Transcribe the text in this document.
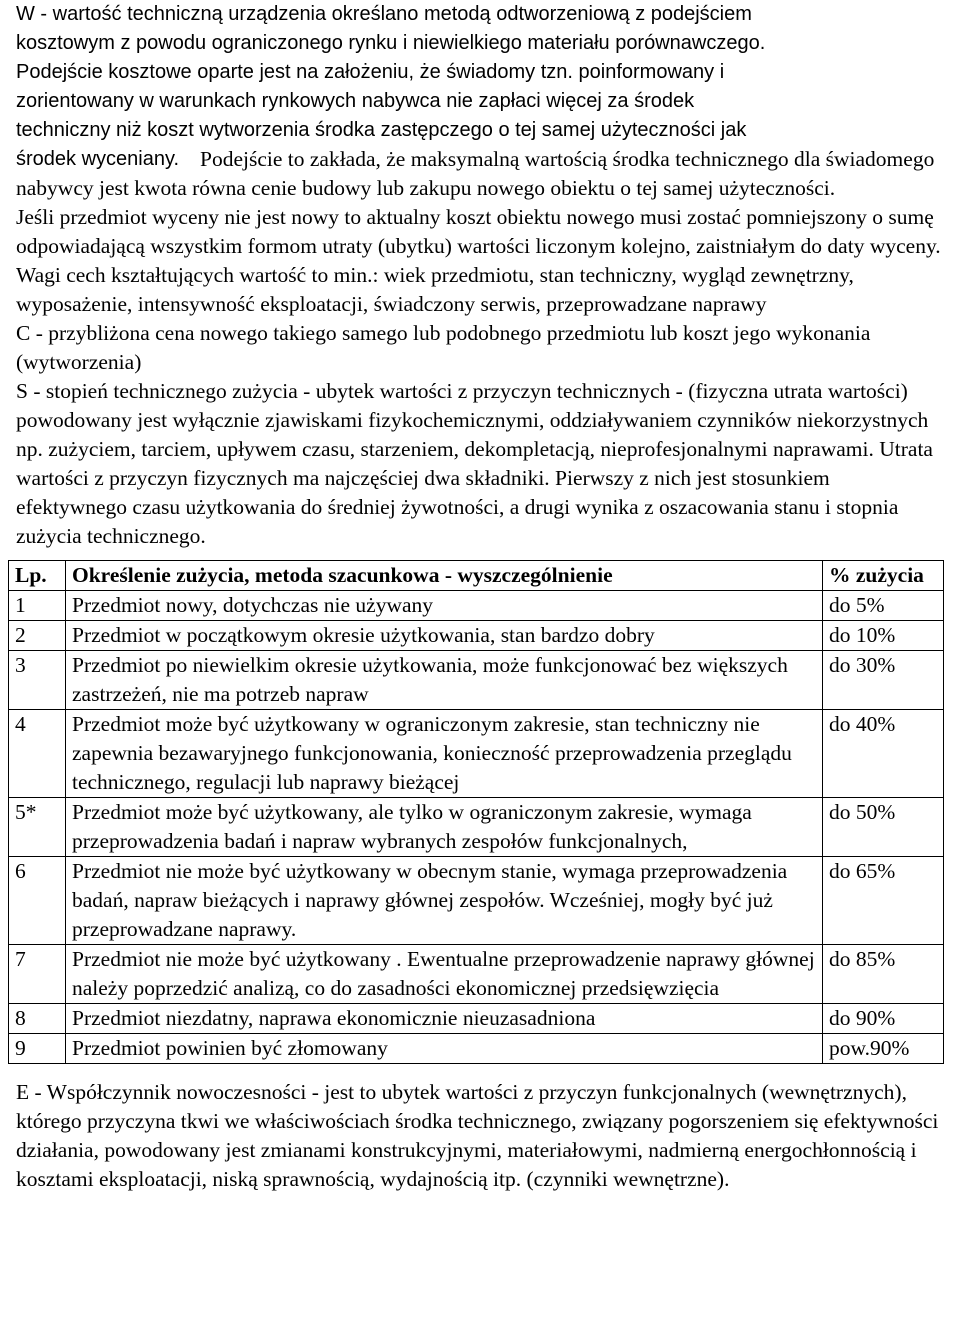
W - wartość techniczną urządzenia określano metodą odtworzeniową z podejściem
kosztowym z powodu ograniczonego rynku i niewielkiego materiału porównawczego.
Podejście kosztowe oparte jest na założeniu, że świadomy tzn. poinformowany i
zorientowany w warunkach rynkowych nabywca nie zapłaci więcej za środek
techniczny niż koszt wytworzenia środka zastępczego o tej samej użyteczności jak
środek wyceniany. Podejście to zakłada, że maksymalną wartością środka technicznego dla świadomego nabywcy jest kwota równa cenie budowy lub zakupu nowego obiektu o tej samej użyteczności.

Jeśli przedmiot wyceny nie jest nowy to aktualny koszt obiektu nowego musi zostać pomniejszony o sumę odpowiadającą wszystkim formom utraty (ubytku) wartości liczonym kolejno, zaistniałym do daty wyceny. Wagi cech kształtujących wartość to min.: wiek przedmiotu, stan techniczny, wygląd zewnętrzny, wyposażenie, intensywność eksploatacji, świadczony serwis, przeprowadzane naprawy

C - przybliżona cena nowego takiego samego lub podobnego przedmiotu lub koszt jego wykonania (wytworzenia)

S - stopień technicznego zużycia - ubytek wartości z przyczyn technicznych - (fizyczna utrata wartości) powodowany jest wyłącznie zjawiskami fizykochemicznymi, oddziaływaniem czynników niekorzystnych np. zużyciem, tarciem, upływem czasu, starzeniem, dekompletacją, nieprofesjonalnymi naprawami. Utrata wartości z przyczyn fizycznych ma najczęściej dwa składniki. Pierwszy z nich jest stosunkiem efektywnego czasu użytkowania do średniej żywotności, a drugi wynika z oszacowania stanu i stopnia zużycia technicznego.

Lp.	Określenie zużycia, metoda szacunkowa - wyszczególnienie	% zużycia
1	Przedmiot nowy, dotychczas nie używany	do 5%
2	Przedmiot w początkowym okresie użytkowania, stan bardzo dobry	do 10%
3	Przedmiot po niewielkim okresie użytkowania, może funkcjonować bez większych zastrzeżeń, nie ma potrzeb napraw	do 30%
4	Przedmiot może być użytkowany w ograniczonym zakresie, stan techniczny nie zapewnia bezawaryjnego funkcjonowania, konieczność przeprowadzenia przeglądu technicznego, regulacji lub naprawy bieżącej	do 40%
5*	Przedmiot może być użytkowany, ale tylko w ograniczonym zakresie, wymaga przeprowadzenia badań i napraw wybranych zespołów funkcjonalnych,	do 50%
6	Przedmiot nie może być użytkowany w obecnym stanie, wymaga przeprowadzenia badań, napraw bieżących i naprawy głównej zespołów. Wcześniej, mogły być już przeprowadzane naprawy.	do 65%
7	Przedmiot nie może być użytkowany . Ewentualne przeprowadzenie naprawy głównej należy poprzedzić analizą, co do zasadności ekonomicznej przedsięwzięcia	do 85%
8	Przedmiot niezdatny, naprawa ekonomicznie nieuzasadniona	do 90%
9	Przedmiot powinien być złomowany	pow.90%

E - Współczynnik nowoczesności - jest to ubytek wartości z przyczyn funkcjonalnych (wewnętrznych), którego przyczyna tkwi we właściwościach środka technicznego, związany pogorszeniem się efektywności działania, powodowany jest zmianami konstrukcyjnymi, materiałowymi, nadmierną energochłonnością i kosztami eksploatacji, niską sprawnością, wydajnością itp. (czynniki wewnętrzne).
